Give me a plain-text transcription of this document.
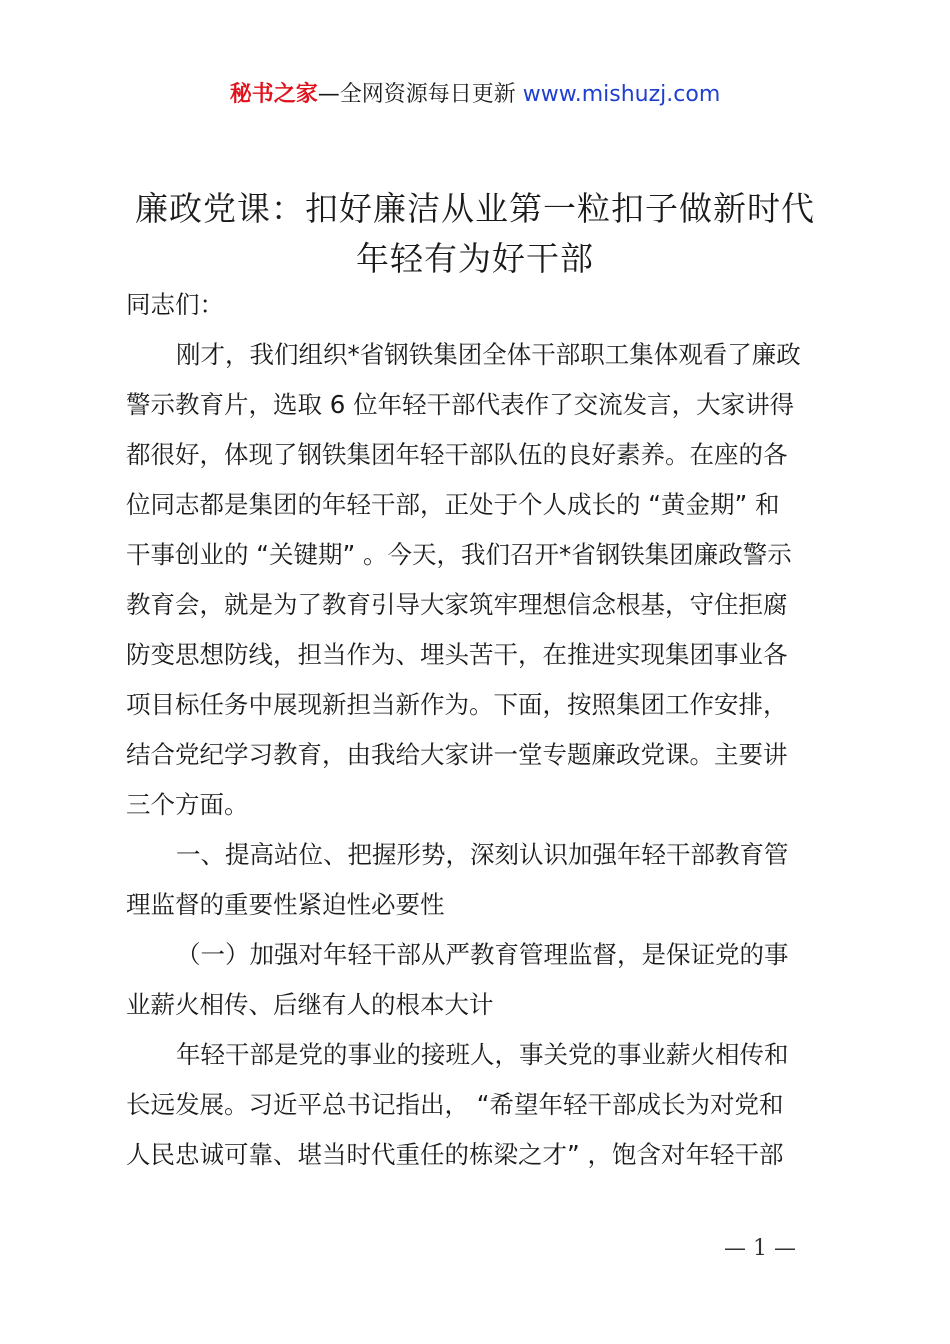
秘书之家—全网资源每日更新 www.mishuzj.com
廉政党课：扣好廉洁从业第一粒扣子做新时代
年轻有为好干部
同志们：
刚才，我们组织*省钢铁集团全体干部职工集体观看了廉政
警示教育片，选取 6 位年轻干部代表作了交流发言，大家讲得
都很好，体现了钢铁集团年轻干部队伍的良好素养。在座的各
位同志都是集团的年轻干部，正处于个人成长的 “黄金期” 和
干事创业的 “关键期” 。今天，我们召开*省钢铁集团廉政警示
教育会，就是为了教育引导大家筑牢理想信念根基，守住拒腐
防变思想防线，担当作为、埋头苦干，在推进实现集团事业各
项目标任务中展现新担当新作为。下面，按照集团工作安排，
结合党纪学习教育，由我给大家讲一堂专题廉政党课。主要讲
三个方面。
一、提高站位、把握形势，深刻认识加强年轻干部教育管
理监督的重要性紧迫性必要性
（一）加强对年轻干部从严教育管理监督，是保证党的事
业薪火相传、后继有人的根本大计
年轻干部是党的事业的接班人，事关党的事业薪火相传和
长远发展。习近平总书记指出， “希望年轻干部成长为对党和
人民忠诚可靠、堪当时代重任的栋梁之才” ，饱含对年轻干部
— 1 —
